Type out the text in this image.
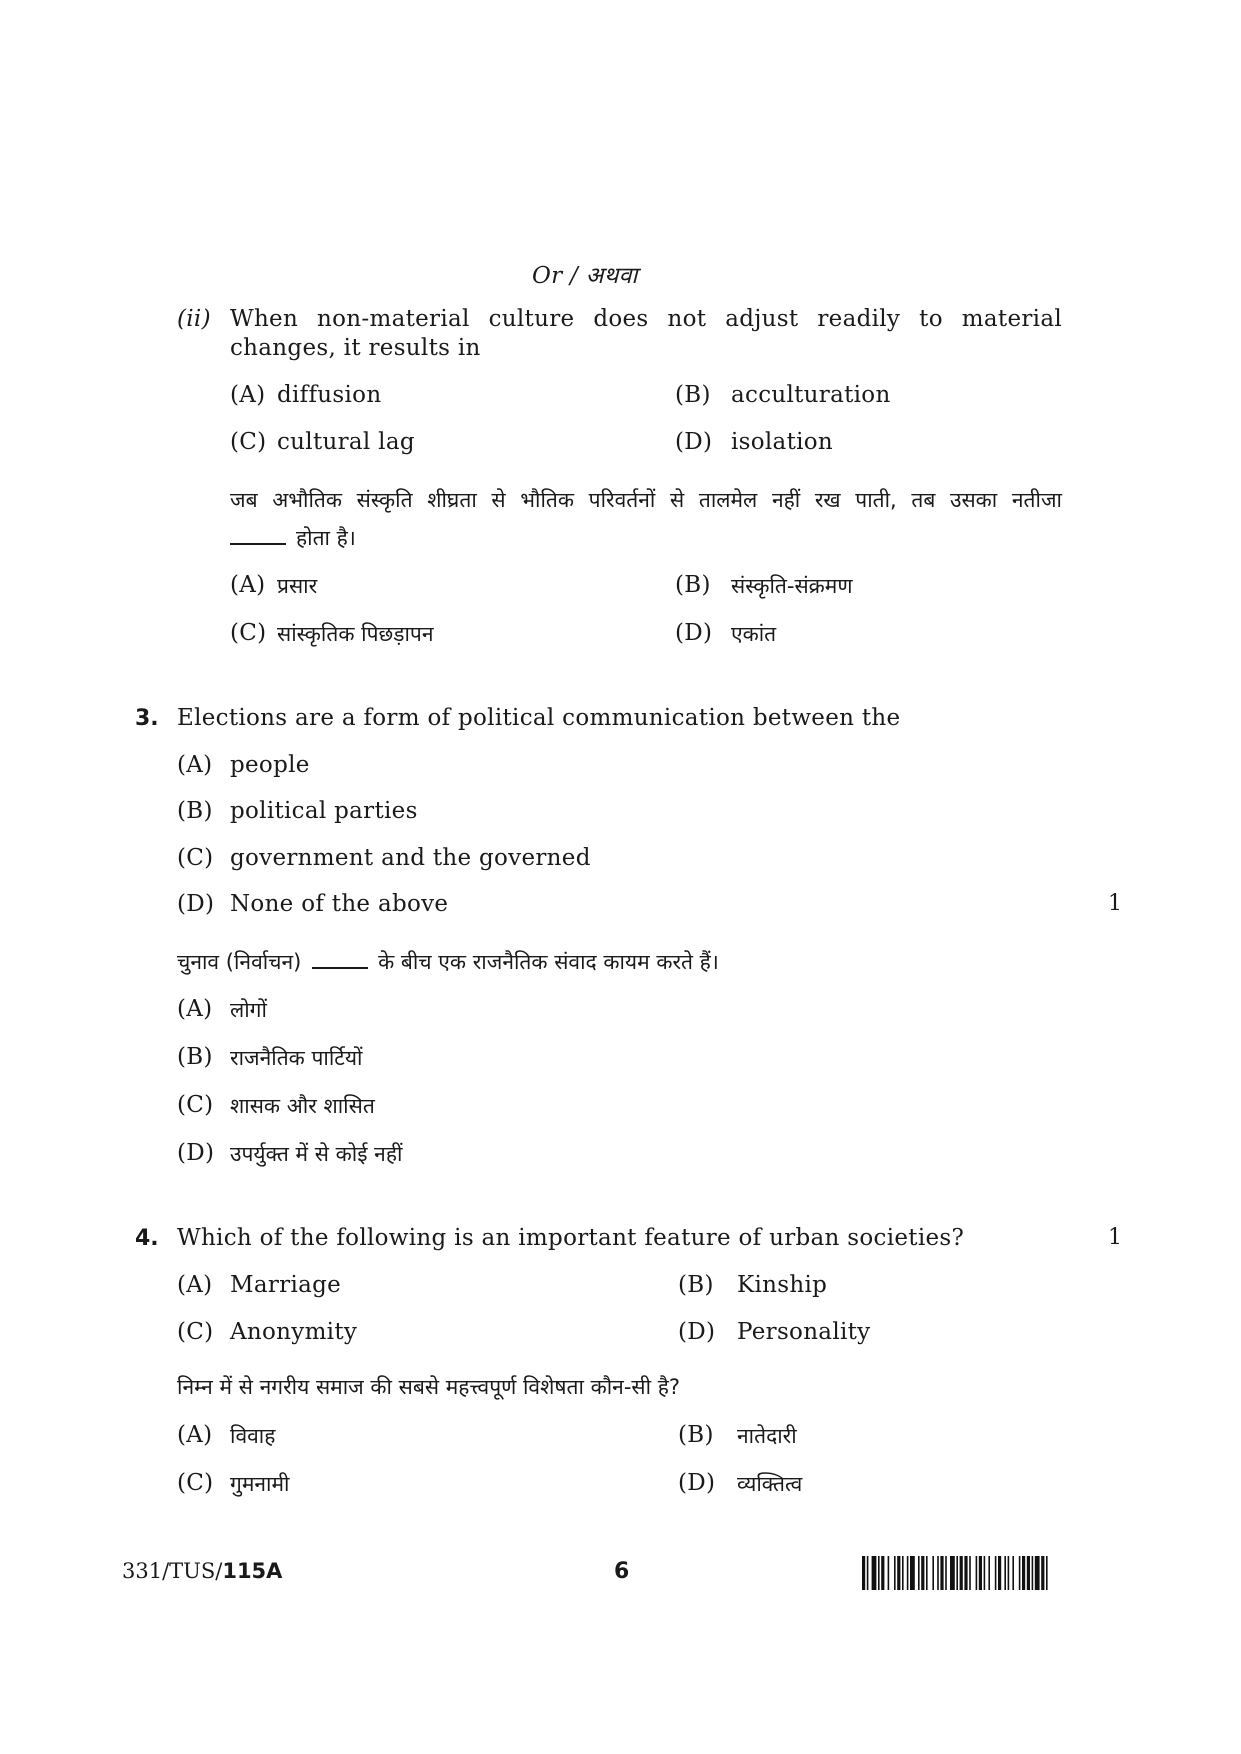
Or / अथवा
(ii) When non-material culture does not adjust readily to material
changes, it results in
(A) diffusion	(B) acculturation
(C) cultural lag	(D) isolation
जब अभौतिक संस्कृति शीघ्रता से भौतिक परिवर्तनों से तालमेल नहीं रख पाती, तब उसका नतीजा
होता है।
(A) प्रसार	(B) संस्कृति-संक्रमण
(C) सांस्कृतिक पिछड़ापन	(D) एकांत
3. Elections are a form of political communication between the
(A) people
(B) political parties
(C) government and the governed
(D) None of the above	1
चुनाव (निर्वाचन)	के बीच एक राजनैतिक संवाद कायम करते हैं।
(A) लोगों
(B) राजनैतिक पार्टियों
(C) शासक और शासित
(D) उपर्युक्त में से कोई नहीं
4. Which of the following is an important feature of urban societies?	1
(A) Marriage	(B) Kinship
(C) Anonymity	(D) Personality
निम्न में से नगरीय समाज की सबसे महत्त्वपूर्ण विशेषता कौन-सी है?
(A) विवाह	(B) नातेदारी
(C) गुमनामी	(D) व्यक्तित्व
331/TUS/115A	6
